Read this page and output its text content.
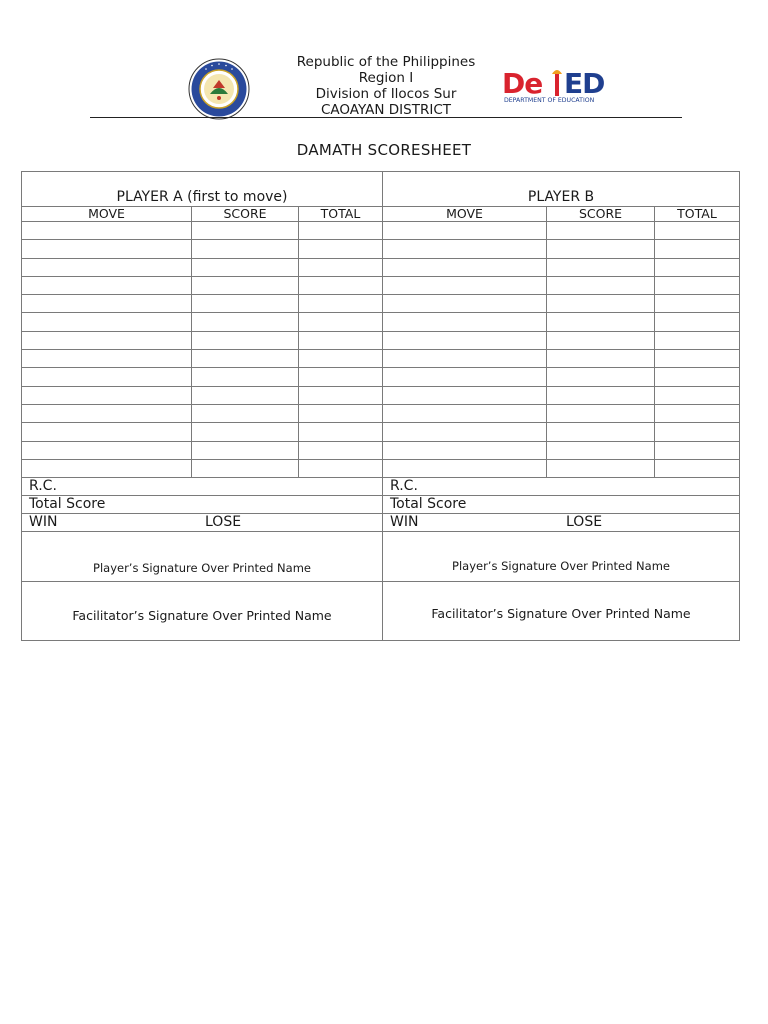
Republic of the Philippines
Region I
Division of Ilocos Sur
CAOAYAN DISTRICT
De ED
DEPARTMENT OF EDUCATION
DAMATH SCORESHEET
PLAYER A (first to move)			PLAYER B		
MOVE	SCORE	TOTAL	MOVE	SCORE	TOTAL

R.C.			R.C.		
Total Score			Total Score		

WIN LOSE			WIN LOSE		

Player’s Signature Over Printed Name			Player’s Signature Over Printed Name		
Facilitator’s Signature Over Printed Name			Facilitator’s Signature Over Printed Name		
